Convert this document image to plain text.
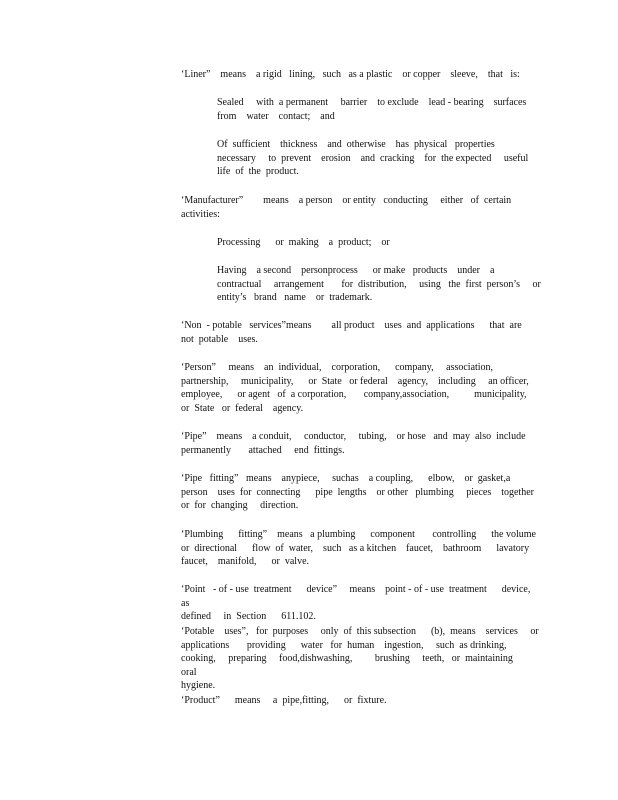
‘Liner”    means    a rigid   lining,   such   as a plastic    or copper    sleeve,    that   is:

Sealed     with  a permanent     barrier    to exclude    lead - bearing    surfaces
from    water    contact;    and

Of  sufficient    thickness    and  otherwise    has  physical   properties
necessary     to  prevent    erosion    and  cracking    for  the expected     useful
life  of  the  product.

‘Manufacturer”        means    a person    or entity   conducting     either   of  certain
activities:

Processing      or  making    a  product;    or

Having    a second    personprocess      or make   products    under    a
contractual     arrangement       for  distribution,     using   the  first  person’s     or
entity’s   brand   name    or  trademark.

‘Non  - potable   services”means        all product    uses  and  applications      that  are
not  potable    uses.

‘Person”     means    an  individual,    corporation,      company,     association,
partnership,     municipality,      or  State   or federal    agency,    including     an officer,
employee,      or agent   of  a corporation,       company,association,          municipality,
or  State   or  federal    agency.

‘Pipe”    means    a conduit,     conductor,     tubing,    or hose   and  may  also  include
permanently       attached     end  fittings.

‘Pipe   fitting”   means    anypiece,     suchas    a coupling,      elbow,    or  gasket,a
person    uses  for  connecting      pipe  lengths    or other   plumbing     pieces    together
or  for  changing     direction.

‘Plumbing      fitting”    means   a plumbing      component       controlling      the volume
or  directional      flow  of  water,    such   as a kitchen    faucet,    bathroom      lavatory
faucet,    manifold,      or  valve.

‘Point   - of - use  treatment      device”     means    point - of - use  treatment      device,     as
defined     in  Section      611.102.

‘Potable    uses”,   for  purposes     only  of  this subsection      (b),  means    services     or
applications       providing      water   for  human    ingestion,     such  as drinking,
cooking,     preparing     food,dishwashing,         brushing     teeth,   or  maintaining        oral
hygiene.

‘Product”      means     a  pipe,fitting,      or  fixture.
